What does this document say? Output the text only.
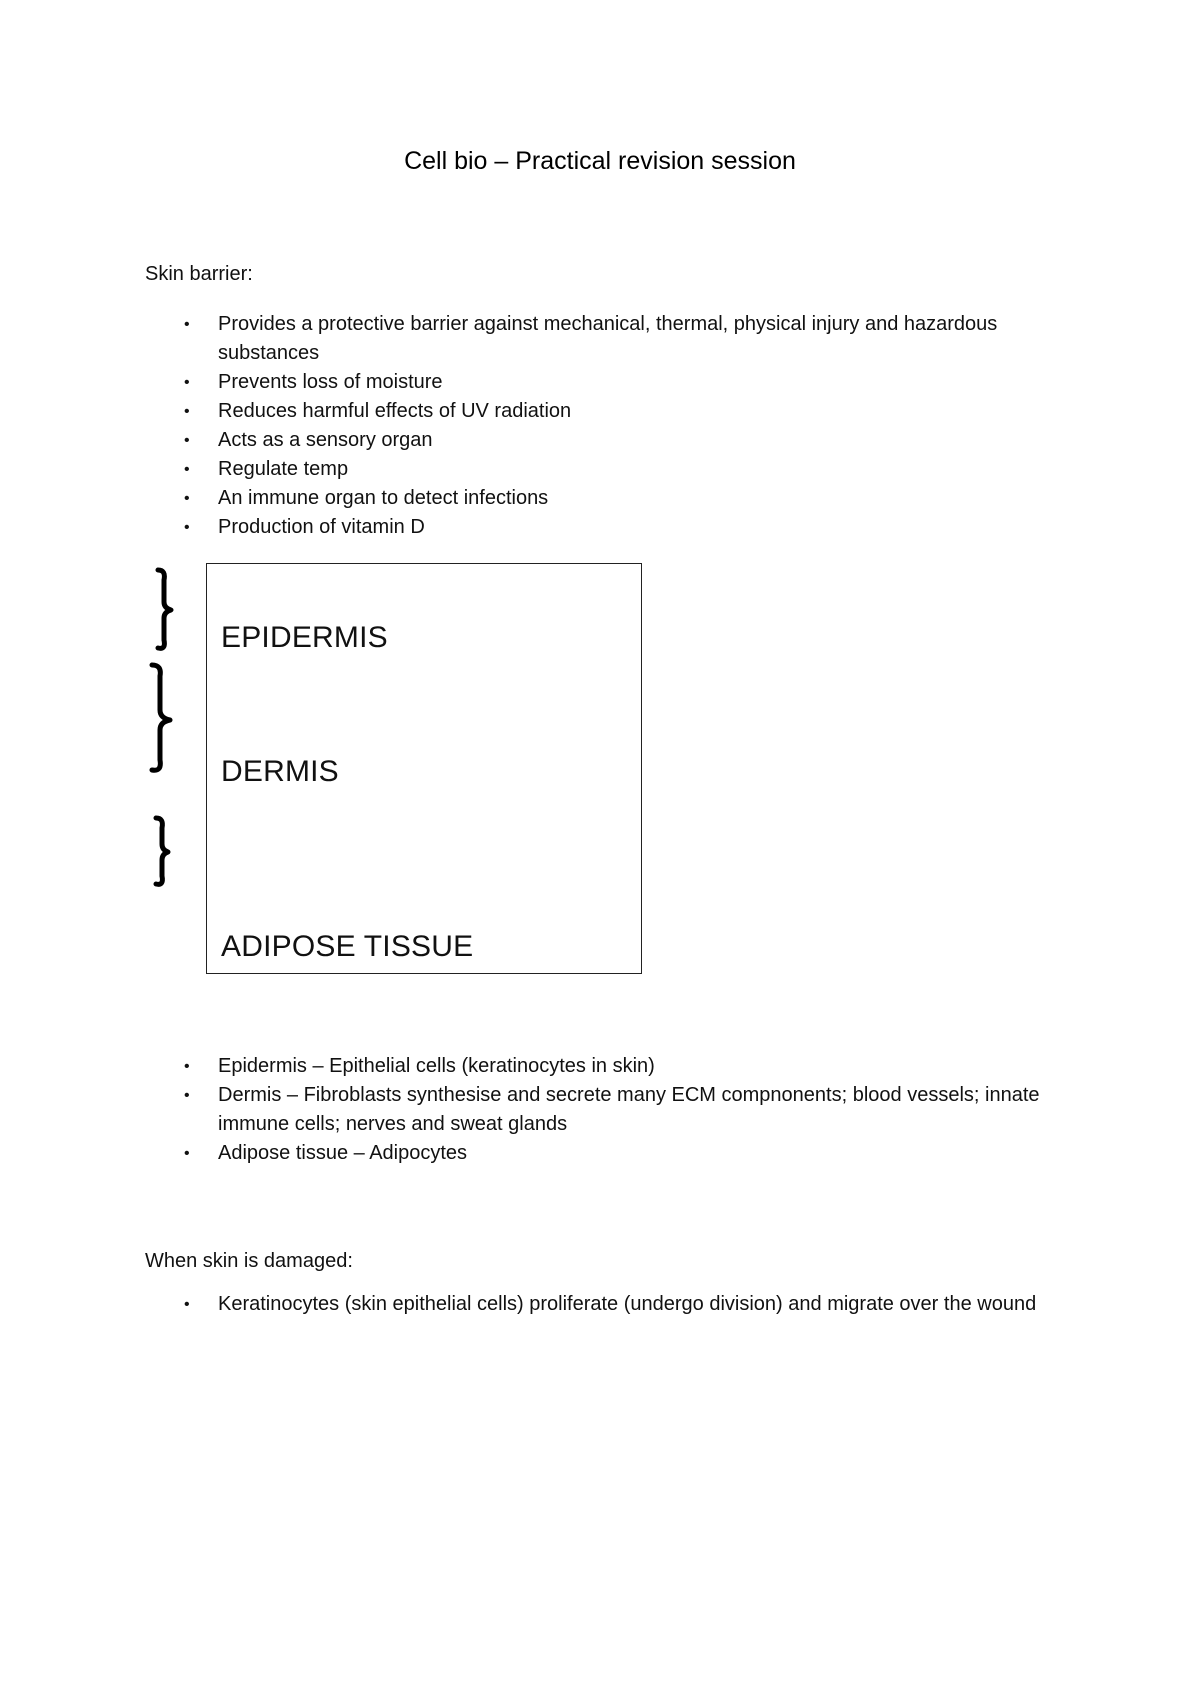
Cell bio – Practical revision session

Skin barrier:

• Provides a protective barrier against mechanical, thermal, physical injury and hazardous substances
• Prevents loss of moisture
• Reduces harmful effects of UV radiation
• Acts as a sensory organ
• Regulate temp
• An immune organ to detect infections
• Production of vitamin D
EPIDERMIS
DERMIS
ADIPOSE TISSUE
• Epidermis – Epithelial cells (keratinocytes in skin)
• Dermis – Fibroblasts synthesise and secrete many ECM compnonents; blood vessels; innate immune cells; nerves and sweat glands
• Adipose tissue – Adipocytes

When skin is damaged:

• Keratinocytes (skin epithelial cells) proliferate (undergo division) and migrate over the wound
